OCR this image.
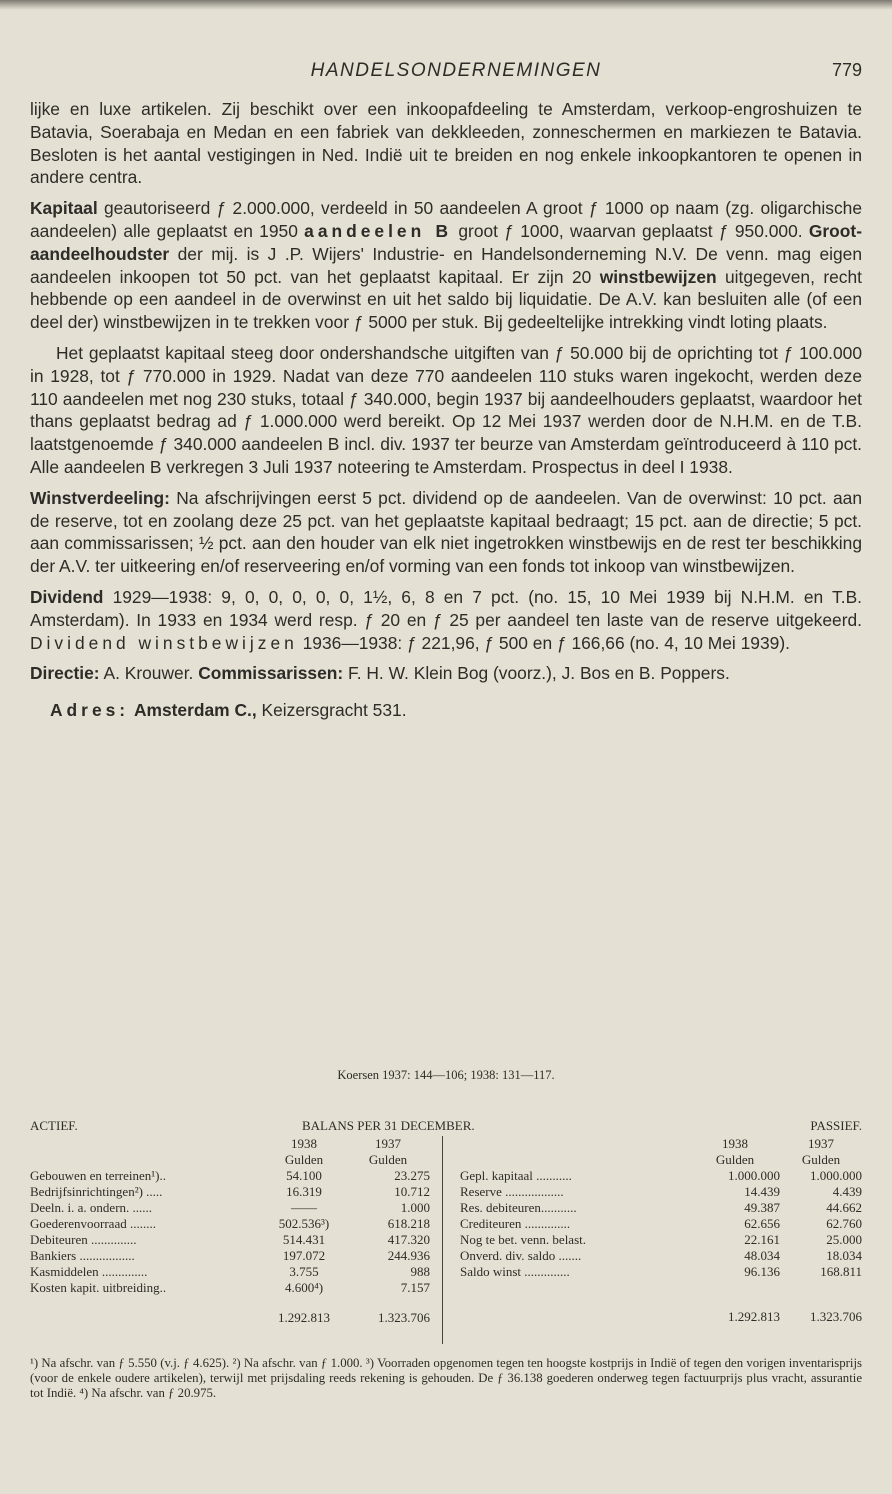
HANDELSONDERNEMINGEN	779

lijke en luxe artikelen. Zij beschikt over een inkoopafdeeling te Amsterdam, verkoop-engroshuizen te Batavia, Soerabaja en Medan en een fabriek van dekkleeden, zonneschermen en markiezen te Batavia. Besloten is het aantal vestigingen in Ned. Indië uit te breiden en nog enkele inkoopkantoren te openen in andere centra.

Kapitaal geautoriseerd ƒ 2.000.000, verdeeld in 50 aandeelen A groot ƒ 1000 op naam (zg. oligarchische aandeelen) alle geplaatst en 1950 aandeelen B groot ƒ 1000, waarvan geplaatst ƒ 950.000. Groot-aandeelhoudster der mij. is J .P. Wijers' Industrie- en Handelsonderneming N.V. De venn. mag eigen aandeelen inkoopen tot 50 pct. van het geplaatst kapitaal. Er zijn 20 winstbewijzen uitgegeven, recht hebbende op een aandeel in de overwinst en uit het saldo bij liquidatie. De A.V. kan besluiten alle (of een deel der) winstbewijzen in te trekken voor ƒ 5000 per stuk. Bij gedeeltelijke intrekking vindt loting plaats.

Het geplaatst kapitaal steeg door ondershandsche uitgiften van ƒ 50.000 bij de oprichting tot ƒ 100.000 in 1928, tot ƒ 770.000 in 1929. Nadat van deze 770 aandeelen 110 stuks waren ingekocht, werden deze 110 aandeelen met nog 230 stuks, totaal ƒ 340.000, begin 1937 bij aandeelhouders geplaatst, waardoor het thans geplaatst bedrag ad ƒ 1.000.000 werd bereikt. Op 12 Mei 1937 werden door de N.H.M. en de T.B. laatstgenoemde ƒ 340.000 aandeelen B incl. div. 1937 ter beurze van Amsterdam geïntroduceerd à 110 pct. Alle aandeelen B verkregen 3 Juli 1937 noteering te Amsterdam. Prospectus in deel I 1938.

Winstverdeeling: Na afschrijvingen eerst 5 pct. dividend op de aandeelen. Van de overwinst: 10 pct. aan de reserve, tot en zoolang deze 25 pct. van het geplaatste kapitaal bedraagt; 15 pct. aan de directie; 5 pct. aan commissarissen; ½ pct. aan den houder van elk niet ingetrokken winstbewijs en de rest ter beschikking der A.V. ter uitkeering en/of reserveering en/of vorming van een fonds tot inkoop van winstbewijzen.

Dividend 1929—1938: 9, 0, 0, 0, 0, 0, 1½, 6, 8 en 7 pct. (no. 15, 10 Mei 1939 bij N.H.M. en T.B. Amsterdam). In 1933 en 1934 werd resp. ƒ 20 en ƒ 25 per aandeel ten laste van de reserve uitgekeerd. Dividend winstbewijzen 1936—1938: ƒ 221,96, ƒ 500 en ƒ 166,66 (no. 4, 10 Mei 1939).

Directie: A. Krouwer. Commissarissen: F. H. W. Klein Bog (voorz.), J. Bos en B. Poppers.

Adres: Amsterdam C., Keizersgracht 531.

Koersen 1937: 144—106; 1938: 131—117.
ACTIEF.	BALANS PER 31 DECEMBER.	PASSIEF.
	1938	1937
	Gulden	Gulden
Gebouwen en terreinen¹)..	54.100	23.275
Bedrijfsinrichtingen²) .....	16.319	10.712
Deeln. i. a. ondern. ......	——	1.000
Goederenvoorraad ........	502.536³)	618.218
Debiteuren ..............	514.431	417.320
Bankiers .................	197.072	244.936
Kasmiddelen ..............	3.755	988
Kosten kapit. uitbreiding..	4.600⁴)	7.157
	1.292.813	1.323.706
	1938	1937
	Gulden	Gulden
Gepl. kapitaal ...........	1.000.000	1.000.000
Reserve ..................	14.439	4.439
Res. debiteuren...........	49.387	44.662
Crediteuren ..............	62.656	62.760
Nog te bet. venn. belast.	22.161	25.000
Onverd. div. saldo .......	48.034	18.034
Saldo winst ..............	96.136	168.811

	1.292.813	1.323.706
¹) Na afschr. van ƒ 5.550 (v.j. ƒ 4.625). ²) Na afschr. van ƒ 1.000. ³) Voorraden opgenomen tegen ten hoogste kostprijs in Indië of tegen den vorigen inventarisprijs (voor de enkele oudere artikelen), terwijl met prijsdaling reeds rekening is gehouden. De ƒ 36.138 goederen onderweg tegen factuurprijs plus vracht, assurantie tot Indië. ⁴) Na afschr. van ƒ 20.975.
